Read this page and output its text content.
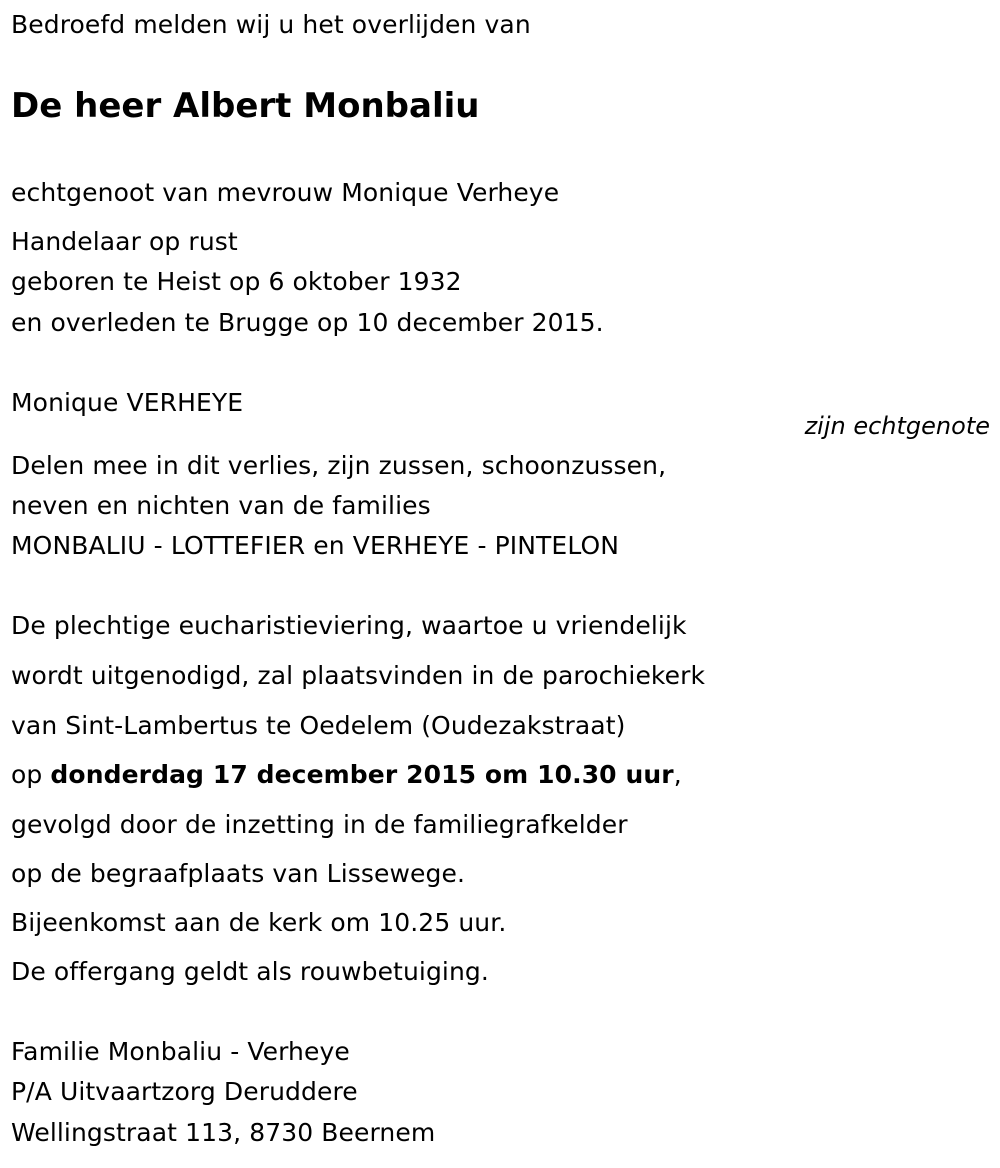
Bedroefd melden wij u het overlijden van
De heer Albert Monbaliu
echtgenoot van mevrouw Monique Verheye
Handelaar op rust
geboren te Heist op 6 oktober 1932
en overleden te Brugge op 10 december 2015.
Monique VERHEYE
zijn echtgenote
Delen mee in dit verlies, zijn zussen, schoonzussen,
neven en nichten van de families
MONBALIU - LOTTEFIER en VERHEYE - PINTELON
De plechtige eucharistieviering, waartoe u vriendelijk
wordt uitgenodigd, zal plaatsvinden in de parochiekerk
van Sint-Lambertus te Oedelem (Oudezakstraat)
op donderdag 17 december 2015 om 10.30 uur,
gevolgd door de inzetting in de familiegrafkelder
op de begraafplaats van Lissewege.
Bijeenkomst aan de kerk om 10.25 uur.
De offergang geldt als rouwbetuiging.
Familie Monbaliu - Verheye
P/A Uitvaartzorg Deruddere
Wellingstraat 113, 8730 Beernem
